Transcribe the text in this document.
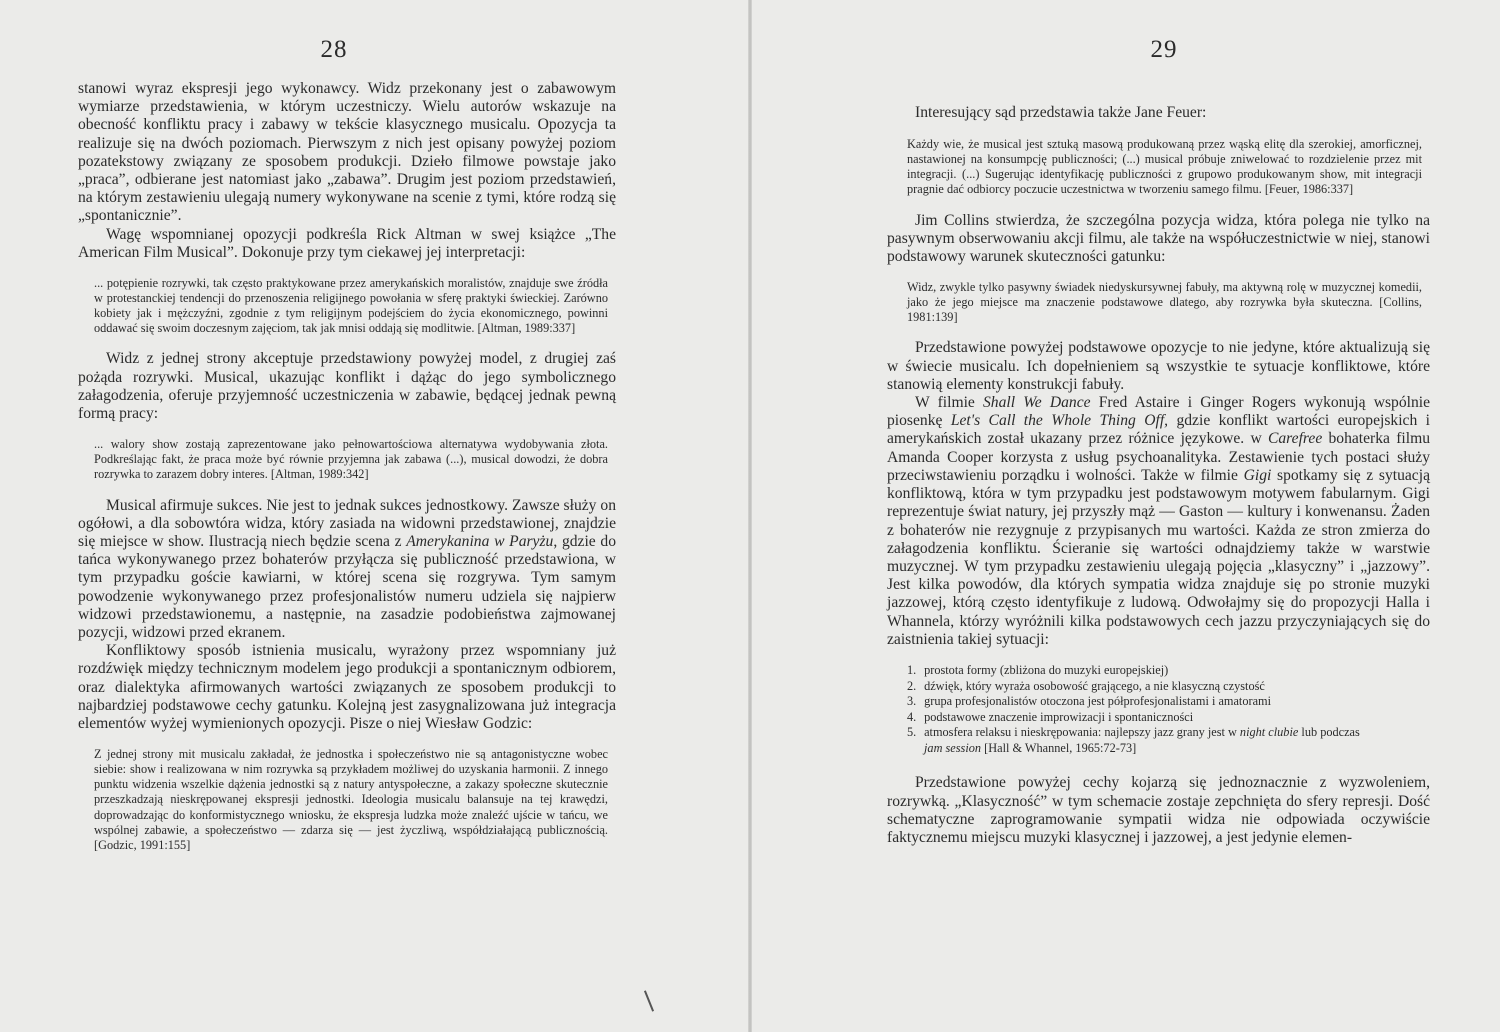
28

stanowi wyraz ekspresji jego wykonawcy. Widz przekonany jest o zabawowym wymiarze przedstawienia, w którym uczestniczy. Wielu autorów wskazuje na obecność konfliktu pracy i zabawy w tekście klasycznego musicalu. Opozycja ta realizuje się na dwóch poziomach. Pierwszym z nich jest opisany powyżej poziom pozatekstowy związany ze sposobem produkcji. Dzieło filmowe powstaje jako „praca”, odbierane jest natomiast jako „zabawa”. Drugim jest poziom przedstawień, na którym zestawieniu ulegają numery wykonywane na scenie z tymi, które rodzą się „spontanicznie”.

Wagę wspomnianej opozycji podkreśla Rick Altman w swej książce „The American Film Musical”. Dokonuje przy tym ciekawej jej interpretacji:

... potępienie rozrywki, tak często praktykowane przez amerykańskich moralistów, znajduje swe źródła w protestanckiej tendencji do przenoszenia religijnego powołania w sferę praktyki świeckiej. Zarówno kobiety jak i mężczyźni, zgodnie z tym religijnym podejściem do życia ekonomicznego, powinni oddawać się swoim doczesnym zajęciom, tak jak mnisi oddają się modlitwie. [Altman, 1989:337]

Widz z jednej strony akceptuje przedstawiony powyżej model, z drugiej zaś pożąda rozrywki. Musical, ukazując konflikt i dążąc do jego symbolicznego załagodzenia, oferuje przyjemność uczestniczenia w zabawie, będącej jednak pewną formą pracy:

... walory show zostają zaprezentowane jako pełnowartościowa alternatywa wydobywania złota. Podkreślając fakt, że praca może być równie przyjemna jak zabawa (...), musical dowodzi, że dobra rozrywka to zarazem dobry interes. [Altman, 1989:342]

Musical afirmuje sukces. Nie jest to jednak sukces jednostkowy. Zawsze służy on ogółowi, a dla sobowtóra widza, który zasiada na widowni przedstawionej, znajdzie się miejsce w show. Ilustracją niech będzie scena z Amerykanina w Paryżu, gdzie do tańca wykonywanego przez bohaterów przyłącza się publiczność przedstawiona, w tym przypadku goście kawiarni, w której scena się rozgrywa. Tym samym powodzenie wykonywanego przez profesjonalistów numeru udziela się najpierw widzowi przedstawionemu, a następnie, na zasadzie podobieństwa zajmowanej pozycji, widzowi przed ekranem.

Konfliktowy sposób istnienia musicalu, wyrażony przez wspomniany już rozdźwięk między technicznym modelem jego produkcji a spontanicznym odbiorem, oraz dialektyka afirmowanych wartości związanych ze sposobem produkcji to najbardziej podstawowe cechy gatunku. Kolejną jest zasygnalizowana już integracja elementów wyżej wymienionych opozycji. Pisze o niej Wiesław Godzic:

Z jednej strony mit musicalu zakładał, że jednostka i społeczeństwo nie są antagonistyczne wobec siebie: show i realizowana w nim rozrywka są przykładem możliwej do uzyskania harmonii. Z innego punktu widzenia wszelkie dążenia jednostki są z natury antyspołeczne, a zakazy społeczne skutecznie przeszkadzają nieskrępowanej ekspresji jednostki. Ideologia musicalu balansuje na tej krawędzi, doprowadzając do konformistycznego wniosku, że ekspresja ludzka może znaleźć ujście w tańcu, we wspólnej zabawie, a społeczeństwo — zdarza się — jest życzliwą, współdziałającą publicznością. [Godzic, 1991:155]

29

Interesujący sąd przedstawia także Jane Feuer:

Każdy wie, że musical jest sztuką masową produkowaną przez wąską elitę dla szerokiej, amorficznej, nastawionej na konsumpcję publiczności; (...) musical próbuje zniwelować to rozdzielenie przez mit integracji. (...) Sugerując identyfikację publiczności z grupowo produkowanym show, mit integracji pragnie dać odbiorcy poczucie uczestnictwa w tworzeniu samego filmu. [Feuer, 1986:337]

Jim Collins stwierdza, że szczególna pozycja widza, która polega nie tylko na pasywnym obserwowaniu akcji filmu, ale także na współuczestnictwie w niej, stanowi podstawowy warunek skuteczności gatunku:

Widz, zwykle tylko pasywny świadek niedyskursywnej fabuły, ma aktywną rolę w muzycznej komedii, jako że jego miejsce ma znaczenie podstawowe dlatego, aby rozrywka była skuteczna. [Collins, 1981:139]

Przedstawione powyżej podstawowe opozycje to nie jedyne, które aktualizują się w świecie musicalu. Ich dopełnieniem są wszystkie te sytuacje konfliktowe, które stanowią elementy konstrukcji fabuły.

W filmie Shall We Dance Fred Astaire i Ginger Rogers wykonują wspólnie piosenkę Let's Call the Whole Thing Off, gdzie konflikt wartości europejskich i amerykańskich został ukazany przez różnice językowe. w Carefree bohaterka filmu Amanda Cooper korzysta z usług psychoanalityka. Zestawienie tych postaci służy przeciwstawieniu porządku i wolności. Także w filmie Gigi spotkamy się z sytuacją konfliktową, która w tym przypadku jest podstawowym motywem fabularnym. Gigi reprezentuje świat natury, jej przyszły mąż — Gaston — kultury i konwenansu. Żaden z bohaterów nie rezygnuje z przypisanych mu wartości. Każda ze stron zmierza do załagodzenia konfliktu. Ścieranie się wartości odnajdziemy także w warstwie muzycznej. W tym przypadku zestawieniu ulegają pojęcia „klasyczny” i „jazzowy”. Jest kilka powodów, dla których sympatia widza znajduje się po stronie muzyki jazzowej, którą często identyfikuje z ludową. Odwołajmy się do propozycji Halla i Whannela, którzy wyróżnili kilka podstawowych cech jazzu przyczyniających się do zaistnienia takiej sytuacji:

1. prostota formy (zbliżona do muzyki europejskiej)
2. dźwięk, który wyraża osobowość grającego, a nie klasyczną czystość
3. grupa profesjonalistów otoczona jest półprofesjonalistami i amatorami
4. podstawowe znaczenie improwizacji i spontaniczności
5. atmosfera relaksu i nieskrępowania: najlepszy jazz grany jest w night clubie lub podczas
jam session [Hall & Whannel, 1965:72-73]

Przedstawione powyżej cechy kojarzą się jednoznacznie z wyzwoleniem, rozrywką. „Klasyczność” w tym schemacie zostaje zepchnięta do sfery represji. Dość schematyczne zaprogramowanie sympatii widza nie odpowiada oczywiście faktycznemu miejscu muzyki klasycznej i jazzowej, a jest jedynie elemen-
